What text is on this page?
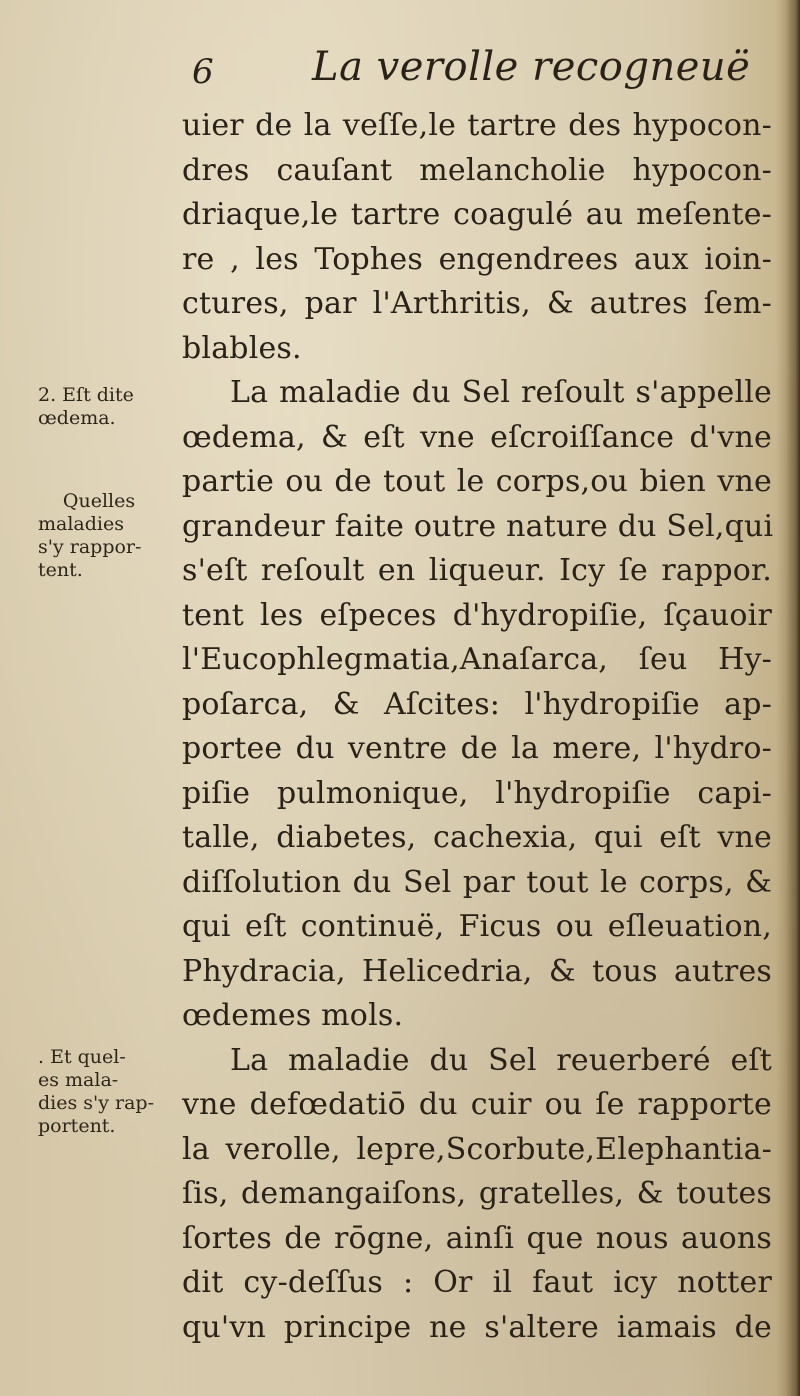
6 La verolle recogneuë
2. Eſt dite
œdema.
Quelles
maladies
s'y rappor-
tent.
. Et quel-
es mala-
dies s'y rap-
portent.
uier de la veſſe,le tartre des hypocon-
dres cauſant melancholie hypocon-
driaque,le tartre coagulé au meſente-
re , les Tophes engendrees aux ioin-
ctures, par l'Arthritis, & autres ſem-
blables.
La maladie du Sel reſoult s'appelle
œdema, & eſt vne eſcroiſſance d'vne
partie ou de tout le corps,ou bien vne
grandeur faite outre nature du Sel,qui
s'eſt reſoult en liqueur. Icy ſe rappor.
tent les eſpeces d'hydropiſie, ſçauoir
l'Eucophlegmatia,Anaſarca, ſeu Hy-
poſarca, & Aſcites: l'hydropiſie ap-
portee du ventre de la mere, l'hydro-
piſie pulmonique, l'hydropiſie capi-
talle, diabetes, cachexia, qui eſt vne
diſſolution du Sel par tout le corps, &
qui eſt continuë, Ficus ou eſleuation,
Phydracia, Helicedria, & tous autres
œdemes mols.
La maladie du Sel reuerberé eſt
vne defœdatiō du cuir ou ſe rapporte
la verolle, lepre,Scorbute,Elephantia-
ſis, demangaiſons, gratelles, & toutes
ſortes de rōgne, ainſi que nous auons
dit cy-deſſus : Or il faut icy notter
qu'vn principe ne s'altere iamais de
